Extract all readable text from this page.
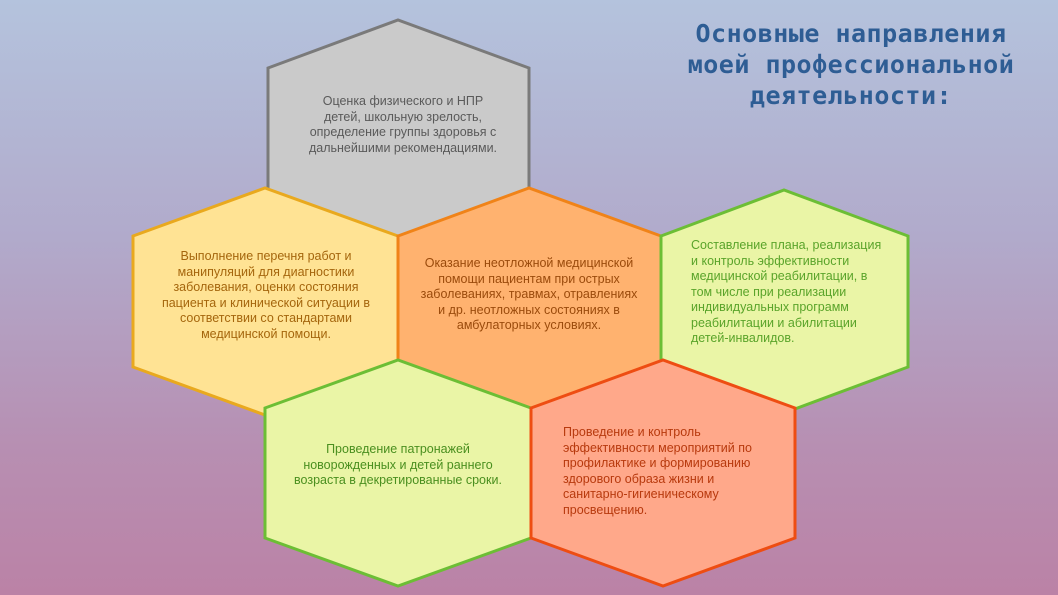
Основные направления моей профессиональной деятельности:
Оценка физического и НПР детей, школьную зрелость, определение группы здоровья с дальнейшими рекомендациями.
Выполнение перечня работ и манипуляций для диагностики заболевания, оценки состояния пациента и клинической ситуации в соответствии со стандартами медицинской помощи.
Оказание неотложной медицинской помощи пациентам при острых заболеваниях, травмах, отравлениях и др. неотложных состояниях в амбулаторных условиях.
Составление плана, реализация и контроль эффективности медицинской реабилитации, в том числе при реализации индивидуальных программ реабилитации и абилитации детей-инвалидов.
Проведение патронажей новорожденных и детей раннего возраста в декретированные сроки.
Проведение и контроль эффективности мероприятий по профилактике и формированию здорового образа жизни и санитарно-гигиеническому просвещению.
